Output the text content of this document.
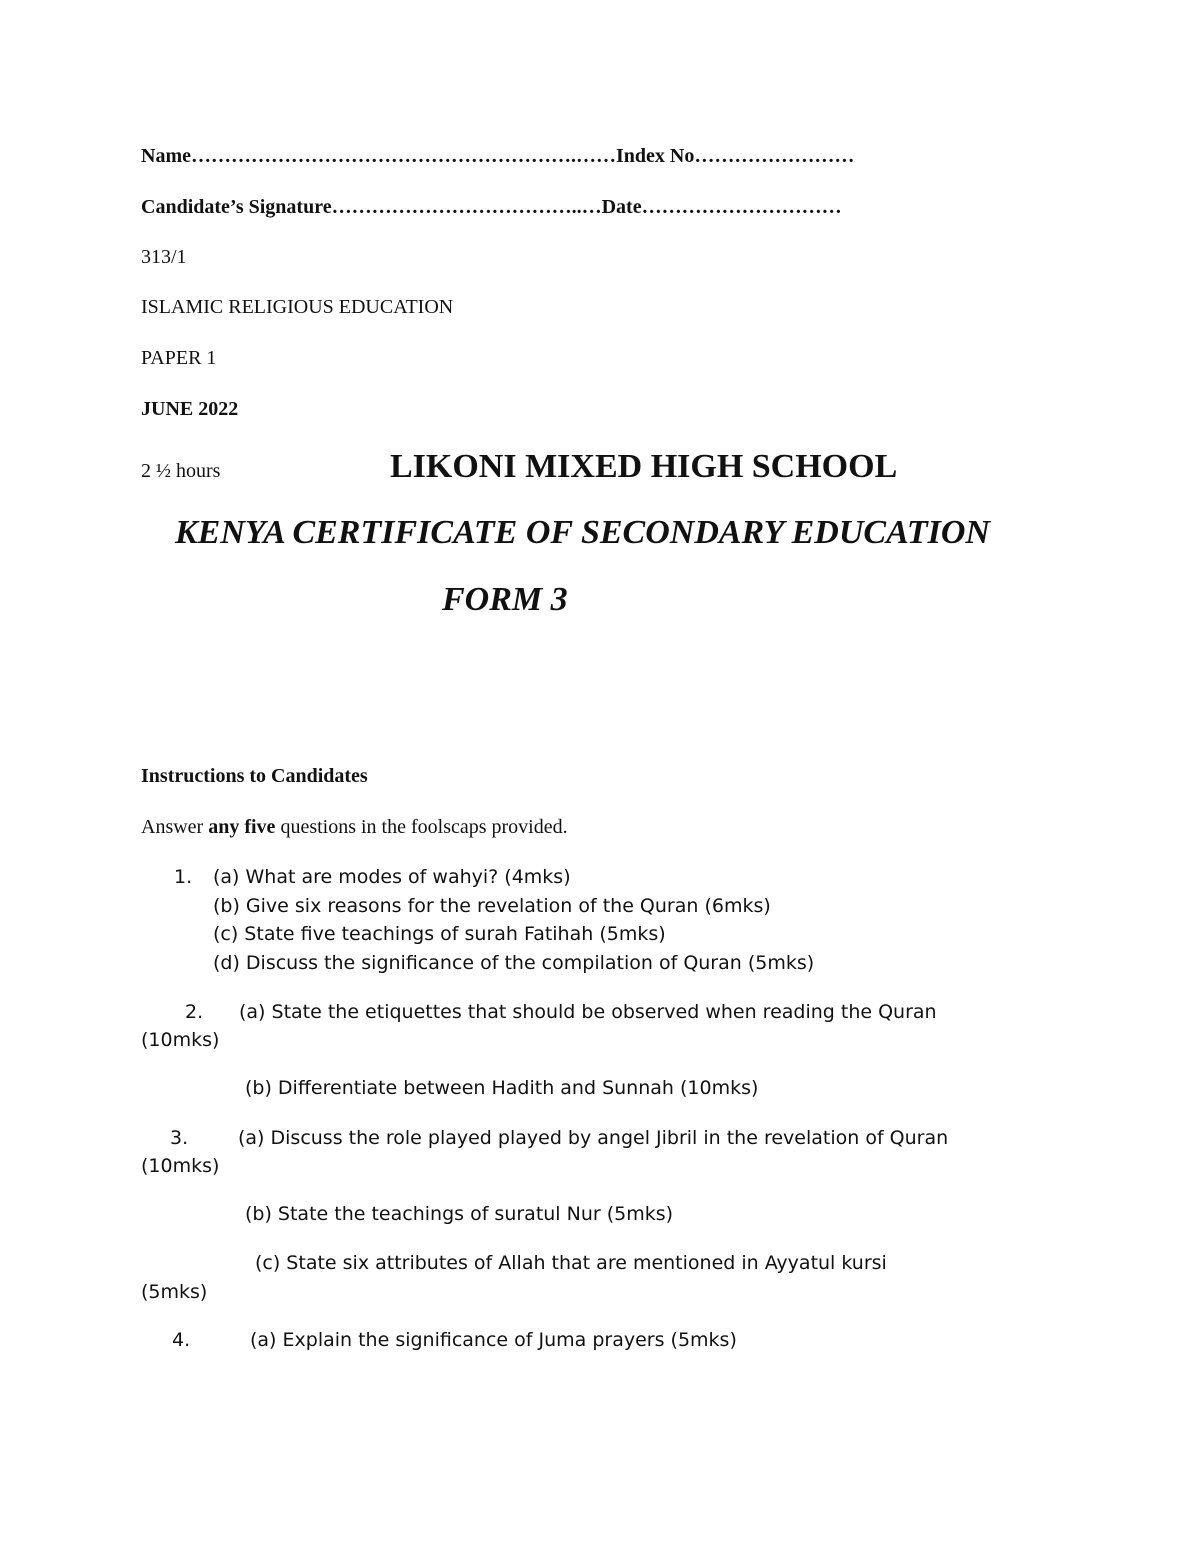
Name………………………………………………….……Index No……………………
Candidate’s Signature………………………………..…Date…………………………
313/1
ISLAMIC RELIGIOUS EDUCATION
PAPER 1
JUNE 2022
2 ½ hours	LIKONI MIXED HIGH SCHOOL
KENYA CERTIFICATE OF SECONDARY EDUCATION
FORM 3
Instructions to Candidates
Answer any five questions in the foolscaps provided.
1. (a) What are modes of wahyi? (4mks)
(b) Give six reasons for the revelation of the Quran (6mks)
(c) State five teachings of surah Fatihah (5mks)
(d) Discuss the significance of the compilation of Quran (5mks)
2. (a) State the etiquettes that should be observed when reading the Quran
(10mks)
(b) Differentiate between Hadith and Sunnah (10mks)
3.	(a) Discuss the role played played by angel Jibril in the revelation of Quran
(10mks)
(b) State the teachings of suratul Nur (5mks)
(c) State six attributes of Allah that are mentioned in Ayyatul kursi
(5mks)
4.	(a) Explain the significance of Juma prayers (5mks)
